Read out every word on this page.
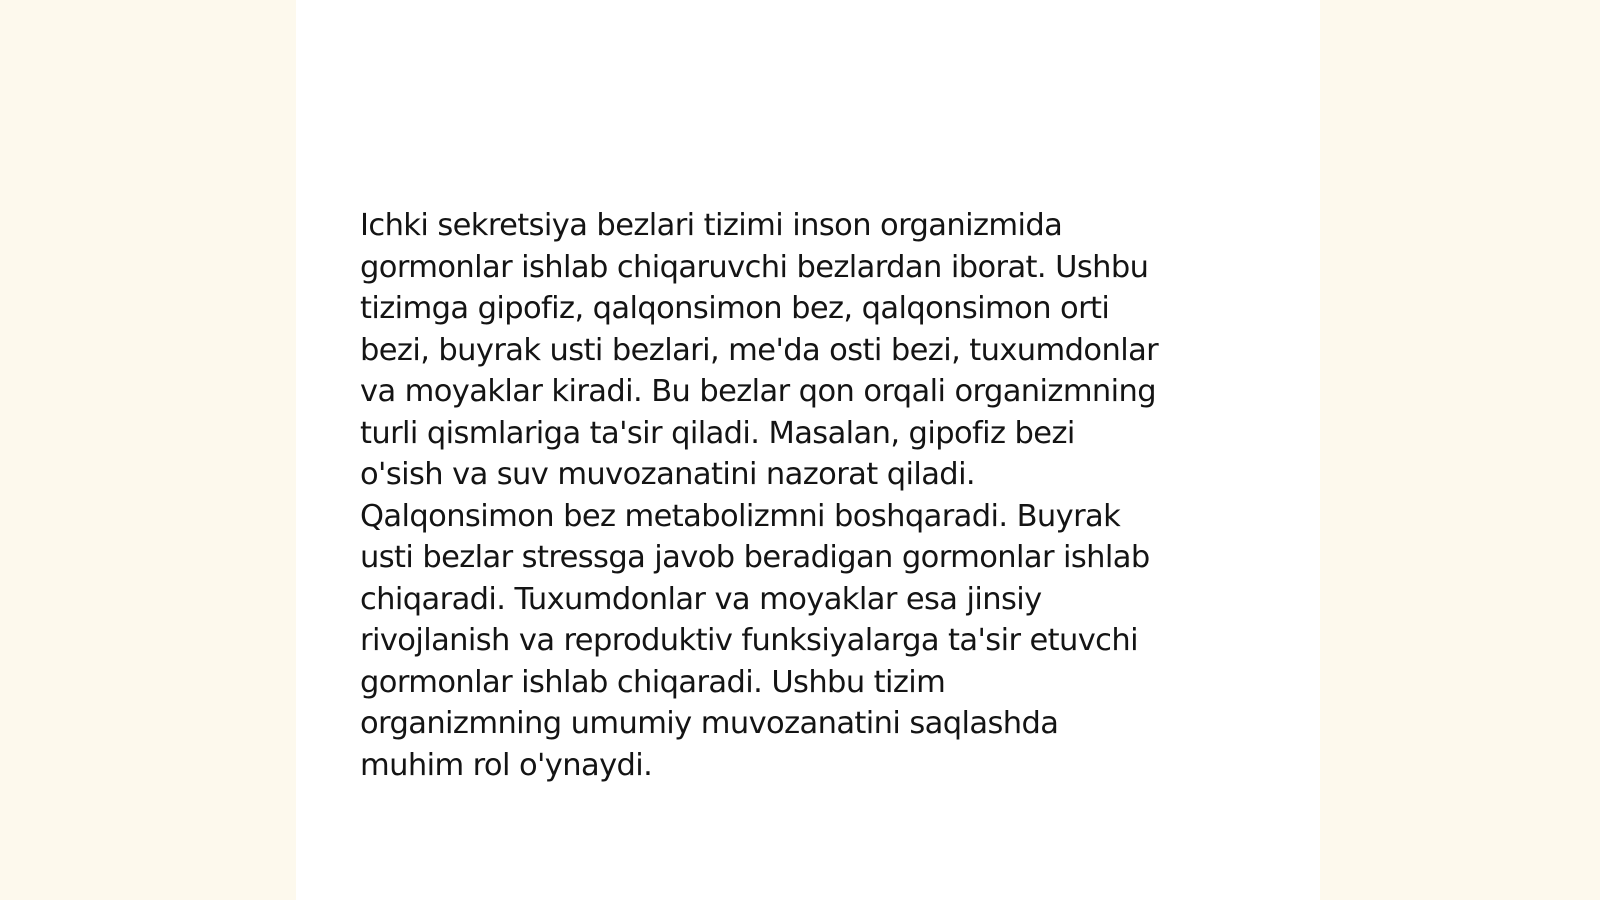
Ichki sekretsiya bezlari tizimi inson organizmida
gormonlar ishlab chiqaruvchi bezlardan iborat. Ushbu
tizimga gipofiz, qalqonsimon bez, qalqonsimon orti
bezi, buyrak usti bezlari, me'da osti bezi, tuxumdonlar
va moyaklar kiradi. Bu bezlar qon orqali organizmning
turli qismlariga ta'sir qiladi. Masalan, gipofiz bezi
o'sish va suv muvozanatini nazorat qiladi.
Qalqonsimon bez metabolizmni boshqaradi. Buyrak
usti bezlar stressga javob beradigan gormonlar ishlab
chiqaradi. Tuxumdonlar va moyaklar esa jinsiy
rivojlanish va reproduktiv funksiyalarga ta'sir etuvchi
gormonlar ishlab chiqaradi. Ushbu tizim
organizmning umumiy muvozanatini saqlashda
muhim rol o'ynaydi.
